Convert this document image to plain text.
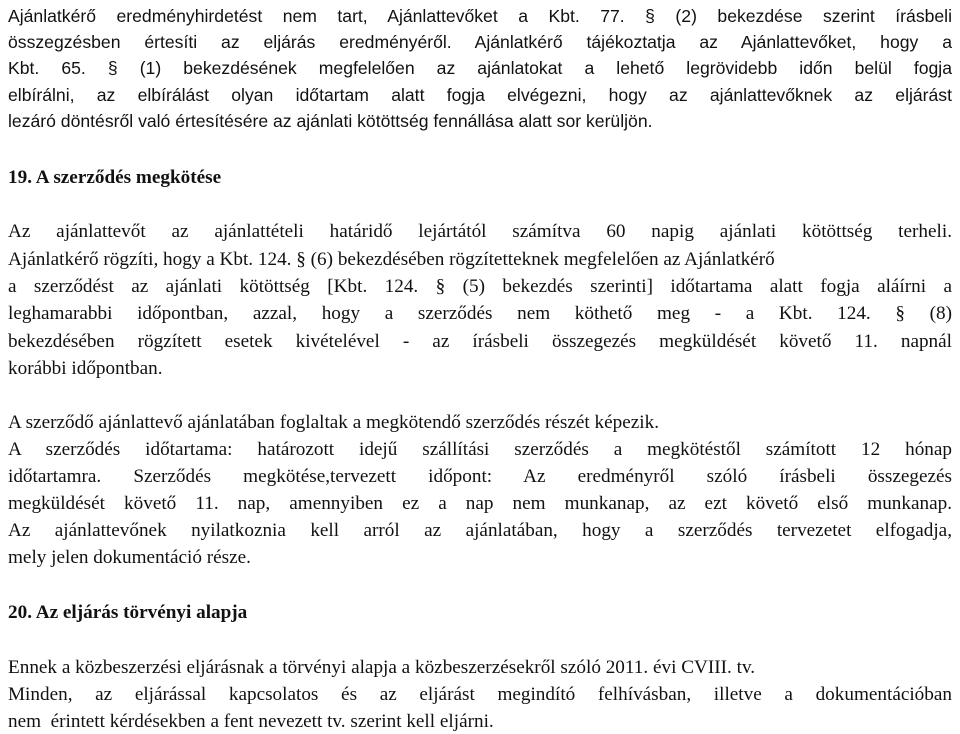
Ajánlatkérő eredményhirdetést nem tart, Ajánlattevőket a Kbt. 77. § (2) bekezdése szerint írásbeli
összegzésben értesíti az eljárás eredményéről. Ajánlatkérő tájékoztatja az Ajánlattevőket, hogy a
Kbt. 65. § (1) bekezdésének megfelelően az ajánlatokat a lehető legrövidebb időn belül fogja
elbírálni, az elbírálást olyan időtartam alatt fogja elvégezni, hogy az ajánlattevőknek az eljárást
lezáró döntésről való értesítésére az ajánlati kötöttség fennállása alatt sor kerüljön.
19. A szerződés megkötése
Az ajánlattevőt az ajánlattételi határidő lejártától számítva 60 napig ajánlati kötöttség terheli.
Ajánlatkérő rögzíti, hogy a Kbt. 124. § (6) bekezdésében rögzítetteknek megfelelően az Ajánlatkérő
a szerződést az ajánlati kötöttség [Kbt. 124. § (5) bekezdés szerinti] időtartama alatt fogja aláírni a
leghamarabbi időpontban, azzal, hogy a szerződés nem köthető meg - a Kbt. 124. § (8)
bekezdésében rögzített esetek kivételével - az írásbeli összegezés megküldését követő 11. napnál
korábbi időpontban.
A szerződő ajánlattevő ajánlatában foglaltak a megkötendő szerződés részét képezik.
A szerződés időtartama: határozott idejű szállítási szerződés a megkötéstől számított 12 hónap
időtartamra. Szerződés megkötése,tervezett időpont: Az eredményről szóló írásbeli összegezés
megküldését követő 11. nap, amennyiben ez a nap nem munkanap, az ezt követő első munkanap.
Az ajánlattevőnek nyilatkoznia kell arról az ajánlatában, hogy a szerződés tervezetet elfogadja,
mely jelen dokumentáció része.
20. Az eljárás törvényi alapja
Ennek a közbeszerzési eljárásnak a törvényi alapja a közbeszerzésekről szóló 2011. évi CVIII. tv.
Minden, az eljárással kapcsolatos és az eljárást megindító felhívásban, illetve a dokumentációban
nem  érintett kérdésekben a fent nevezett tv. szerint kell eljárni.
